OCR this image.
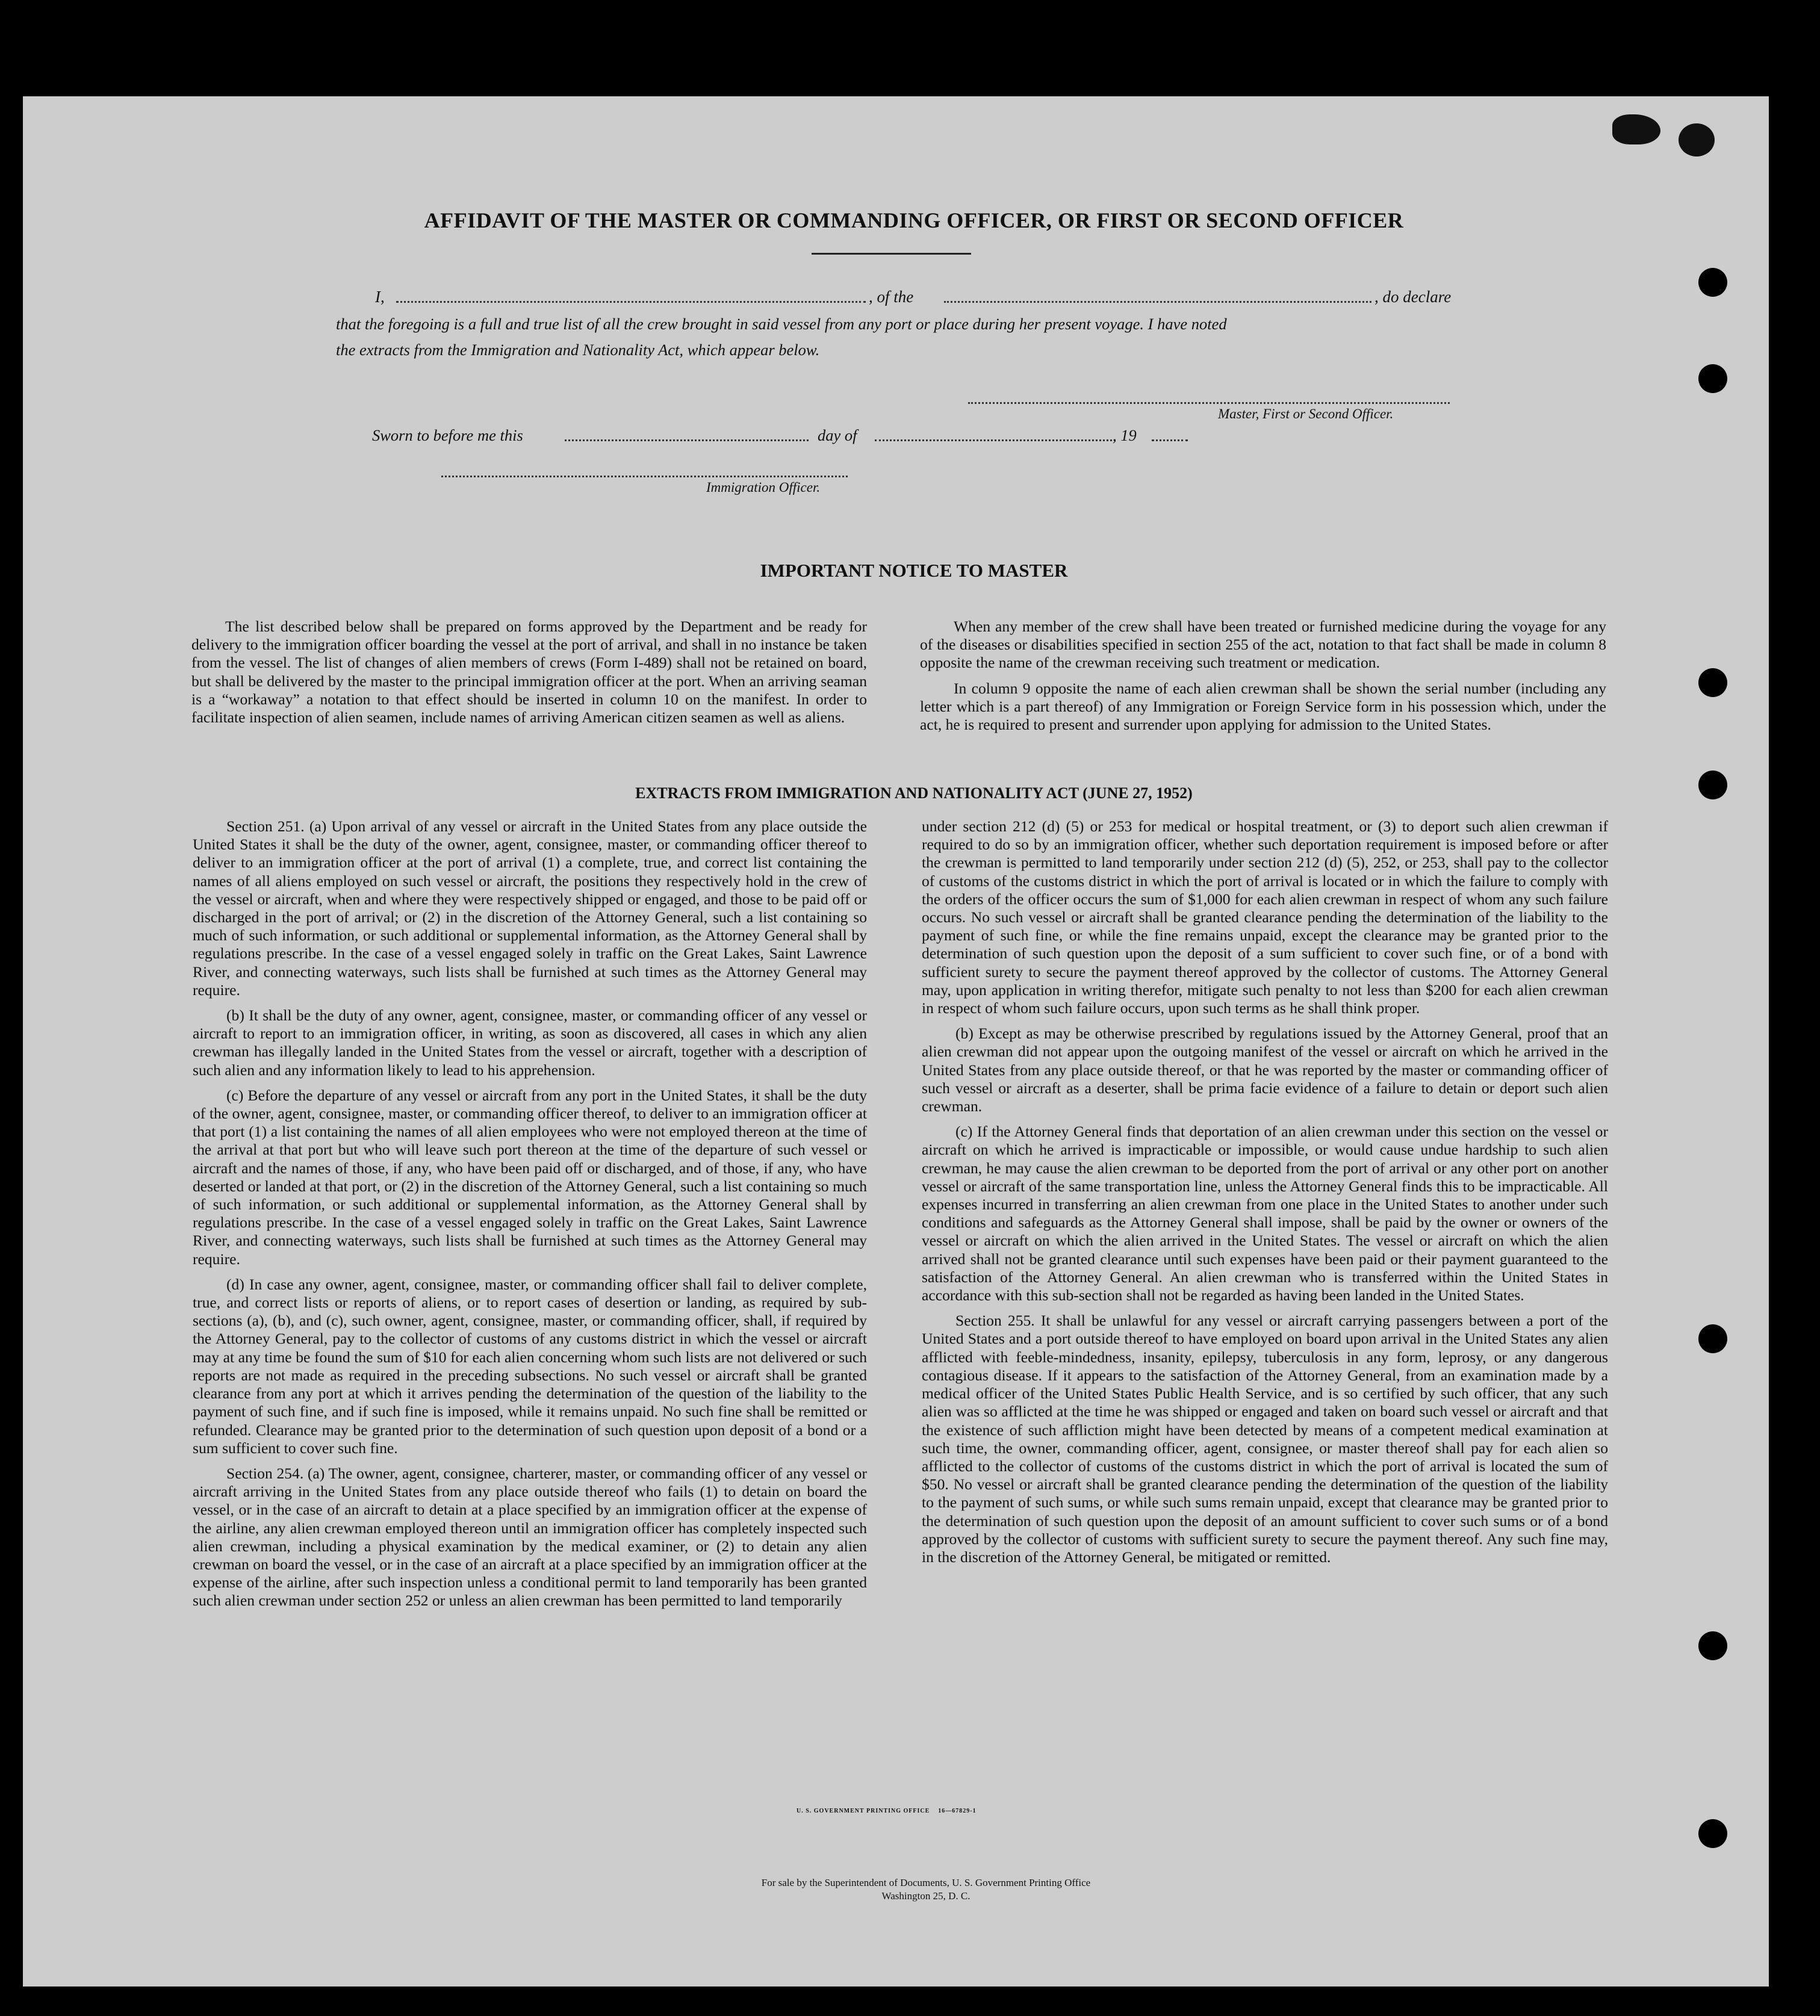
AFFIDAVIT OF THE MASTER OR COMMANDING OFFICER, OR FIRST OR SECOND OFFICER
I,	, of the	, do declare
that the foregoing is a full and true list of all the crew brought in said vessel from any port or place during her present voyage. I have noted
the extracts from the Immigration and Nationality Act, which appear below.
Master, First or Second Officer.
Sworn to before me this	day of	, 19
Immigration Officer.
IMPORTANT NOTICE TO MASTER

The list described below shall be prepared on forms approved by the Department and be ready for delivery to the immigration officer boarding the vessel at the port of arrival, and shall in no instance be taken from the vessel. The list of changes of alien members of crews (Form I-489) shall not be retained on board, but shall be delivered by the master to the principal immigration officer at the port. When an arriving seaman is a “workaway” a notation to that effect should be inserted in column 10 on the manifest. In order to facilitate inspection of alien seamen, include names of arriving American citizen seamen as well as aliens.

When any member of the crew shall have been treated or furnished medicine during the voyage for any of the diseases or disabilities specified in section 255 of the act, notation to that fact shall be made in column 8 opposite the name of the crewman receiving such treatment or medication.

In column 9 opposite the name of each alien crewman shall be shown the serial number (including any letter which is a part thereof) of any Immigration or Foreign Service form in his possession which, under the act, he is required to present and surrender upon applying for admission to the United States.

EXTRACTS FROM IMMIGRATION AND NATIONALITY ACT (JUNE 27, 1952)

Section 251. (a) Upon arrival of any vessel or aircraft in the United States from any place outside the United States it shall be the duty of the owner, agent, consignee, master, or commanding officer thereof to deliver to an immigration officer at the port of arrival (1) a complete, true, and correct list containing the names of all aliens employed on such vessel or aircraft, the positions they respectively hold in the crew of the vessel or aircraft, when and where they were respectively shipped or engaged, and those to be paid off or discharged in the port of arrival; or (2) in the discretion of the Attorney General, such a list containing so much of such information, or such additional or supplemental information, as the Attorney General shall by regulations prescribe. In the case of a vessel engaged solely in traffic on the Great Lakes, Saint Lawrence River, and connecting waterways, such lists shall be furnished at such times as the Attorney General may require.

(b) It shall be the duty of any owner, agent, consignee, master, or commanding officer of any vessel or aircraft to report to an immigration officer, in writing, as soon as discovered, all cases in which any alien crewman has illegally landed in the United States from the vessel or aircraft, together with a description of such alien and any information likely to lead to his apprehension.

(c) Before the departure of any vessel or aircraft from any port in the United States, it shall be the duty of the owner, agent, consignee, master, or commanding officer thereof, to deliver to an immigration officer at that port (1) a list containing the names of all alien employees who were not employed thereon at the time of the arrival at that port but who will leave such port thereon at the time of the departure of such vessel or aircraft and the names of those, if any, who have been paid off or discharged, and of those, if any, who have deserted or landed at that port, or (2) in the discretion of the Attorney General, such a list containing so much of such information, or such additional or supplemental information, as the Attorney General shall by regulations prescribe. In the case of a vessel engaged solely in traffic on the Great Lakes, Saint Lawrence River, and connecting waterways, such lists shall be furnished at such times as the Attorney General may require.

(d) In case any owner, agent, consignee, master, or commanding officer shall fail to deliver complete, true, and correct lists or reports of aliens, or to report cases of desertion or landing, as required by sub-sections (a), (b), and (c), such owner, agent, consignee, master, or commanding officer, shall, if required by the Attorney General, pay to the collector of customs of any customs district in which the vessel or aircraft may at any time be found the sum of $10 for each alien concerning whom such lists are not delivered or such reports are not made as required in the preceding subsections. No such vessel or aircraft shall be granted clearance from any port at which it arrives pending the determination of the question of the liability to the payment of such fine, and if such fine is imposed, while it remains unpaid. No such fine shall be remitted or refunded. Clearance may be granted prior to the determination of such question upon deposit of a bond or a sum sufficient to cover such fine.

Section 254. (a) The owner, agent, consignee, charterer, master, or commanding officer of any vessel or aircraft arriving in the United States from any place outside thereof who fails (1) to detain on board the vessel, or in the case of an aircraft to detain at a place specified by an immigration officer at the expense of the airline, any alien crewman employed thereon until an immigration officer has completely inspected such alien crewman, including a physical examination by the medical examiner, or (2) to detain any alien crewman on board the vessel, or in the case of an aircraft at a place specified by an immigration officer at the expense of the airline, after such inspection unless a conditional permit to land temporarily has been granted such alien crewman under section 252 or unless an alien crewman has been permitted to land temporarily

under section 212 (d) (5) or 253 for medical or hospital treatment, or (3) to deport such alien crewman if required to do so by an immigration officer, whether such deportation requirement is imposed before or after the crewman is permitted to land temporarily under section 212 (d) (5), 252, or 253, shall pay to the collector of customs of the customs district in which the port of arrival is located or in which the failure to comply with the orders of the officer occurs the sum of $1,000 for each alien crewman in respect of whom any such failure occurs. No such vessel or aircraft shall be granted clearance pending the determination of the liability to the payment of such fine, or while the fine remains unpaid, except the clearance may be granted prior to the determination of such question upon the deposit of a sum sufficient to cover such fine, or of a bond with sufficient surety to secure the payment thereof approved by the collector of customs. The Attorney General may, upon application in writing therefor, mitigate such penalty to not less than $200 for each alien crewman in respect of whom such failure occurs, upon such terms as he shall think proper.

(b) Except as may be otherwise prescribed by regulations issued by the Attorney General, proof that an alien crewman did not appear upon the outgoing manifest of the vessel or aircraft on which he arrived in the United States from any place outside thereof, or that he was reported by the master or commanding officer of such vessel or aircraft as a deserter, shall be prima facie evidence of a failure to detain or deport such alien crewman.

(c) If the Attorney General finds that deportation of an alien crewman under this section on the vessel or aircraft on which he arrived is impracticable or impossible, or would cause undue hardship to such alien crewman, he may cause the alien crewman to be deported from the port of arrival or any other port on another vessel or aircraft of the same transportation line, unless the Attorney General finds this to be impracticable. All expenses incurred in transferring an alien crewman from one place in the United States to another under such conditions and safeguards as the Attorney General shall impose, shall be paid by the owner or owners of the vessel or aircraft on which the alien arrived in the United States. The vessel or aircraft on which the alien arrived shall not be granted clearance until such expenses have been paid or their payment guaranteed to the satisfaction of the Attorney General. An alien crewman who is transferred within the United States in accordance with this sub-section shall not be regarded as having been landed in the United States.

Section 255. It shall be unlawful for any vessel or aircraft carrying passengers between a port of the United States and a port outside thereof to have employed on board upon arrival in the United States any alien afflicted with feeble-mindedness, insanity, epilepsy, tuberculosis in any form, leprosy, or any dangerous contagious disease. If it appears to the satisfaction of the Attorney General, from an examination made by a medical officer of the United States Public Health Service, and is so certified by such officer, that any such alien was so afflicted at the time he was shipped or engaged and taken on board such vessel or aircraft and that the existence of such affliction might have been detected by means of a competent medical examination at such time, the owner, commanding officer, agent, consignee, or master thereof shall pay for each alien so afflicted to the collector of customs of the customs district in which the port of arrival is located the sum of $50. No vessel or aircraft shall be granted clearance pending the determination of the question of the liability to the payment of such sums, or while such sums remain unpaid, except that clearance may be granted prior to the determination of such question upon the deposit of an amount sufficient to cover such sums or of a bond approved by the collector of customs with sufficient surety to secure the payment thereof. Any such fine may, in the discretion of the Attorney General, be mitigated or remitted.

U. S. GOVERNMENT PRINTING OFFICE    16—67829-1
For sale by the Superintendent of Documents, U. S. Government Printing Office
Washington 25, D. C.
